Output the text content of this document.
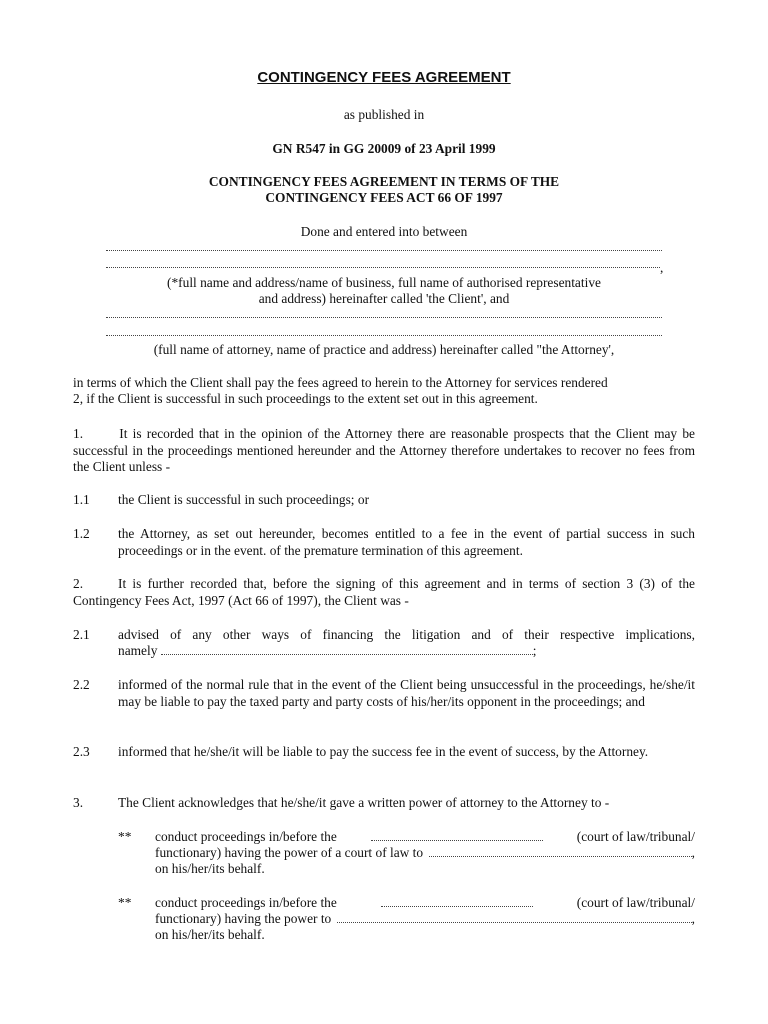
CONTINGENCY FEES AGREEMENT
as published in
GN R547 in GG 20009 of 23 April 1999
CONTINGENCY FEES AGREEMENT IN TERMS OF THE
CONTINGENCY FEES ACT 66 OF 1997
Done and entered into between
,
(*full name and address/name of business, full name of authorised representative
and address) hereinafter called 'the Client', and
(full name of attorney, name of practice and address) hereinafter called "the Attorney',
in terms of which the Client shall pay the fees agreed to herein to the Attorney for services rendered
2, if the Client is successful in such proceedings to the extent set out in this agreement.
1.	It is recorded that in the opinion of the Attorney there are reasonable prospects that the Client may be successful in the proceedings mentioned hereunder and the Attorney therefore undertakes to recover no fees from the Client unless -
1.1 the Client is successful in such proceedings; or
1.2 the Attorney, as set out hereunder, becomes entitled to a fee in the event of partial success in such proceedings or in the event. of the premature termination of this agreement.
2.	It is further recorded that, before the signing of this agreement and in terms of section 3 (3) of the Contingency Fees Act, 1997 (Act 66 of 1997), the Client was -
2.1 advised of any other ways of financing the litigation and of their respective implications,
namely	;
2.2 informed of the normal rule that in the event of the Client being unsuccessful in the proceedings, he/she/it may be liable to pay the taxed party and party costs of his/her/its opponent in the proceedings; and
2.3 informed that he/she/it will be liable to pay the success fee in the event of success, by the Attorney.
3.	The Client acknowledges that he/she/it gave a written power of attorney to the Attorney to -
** conduct proceedings in/before the	(court of law/tribunal/
functionary) having the power of a court of law to	,
on his/her/its behalf.
** conduct proceedings in/before the	(court of law/tribunal/
functionary) having the power to	,
on his/her/its behalf.
